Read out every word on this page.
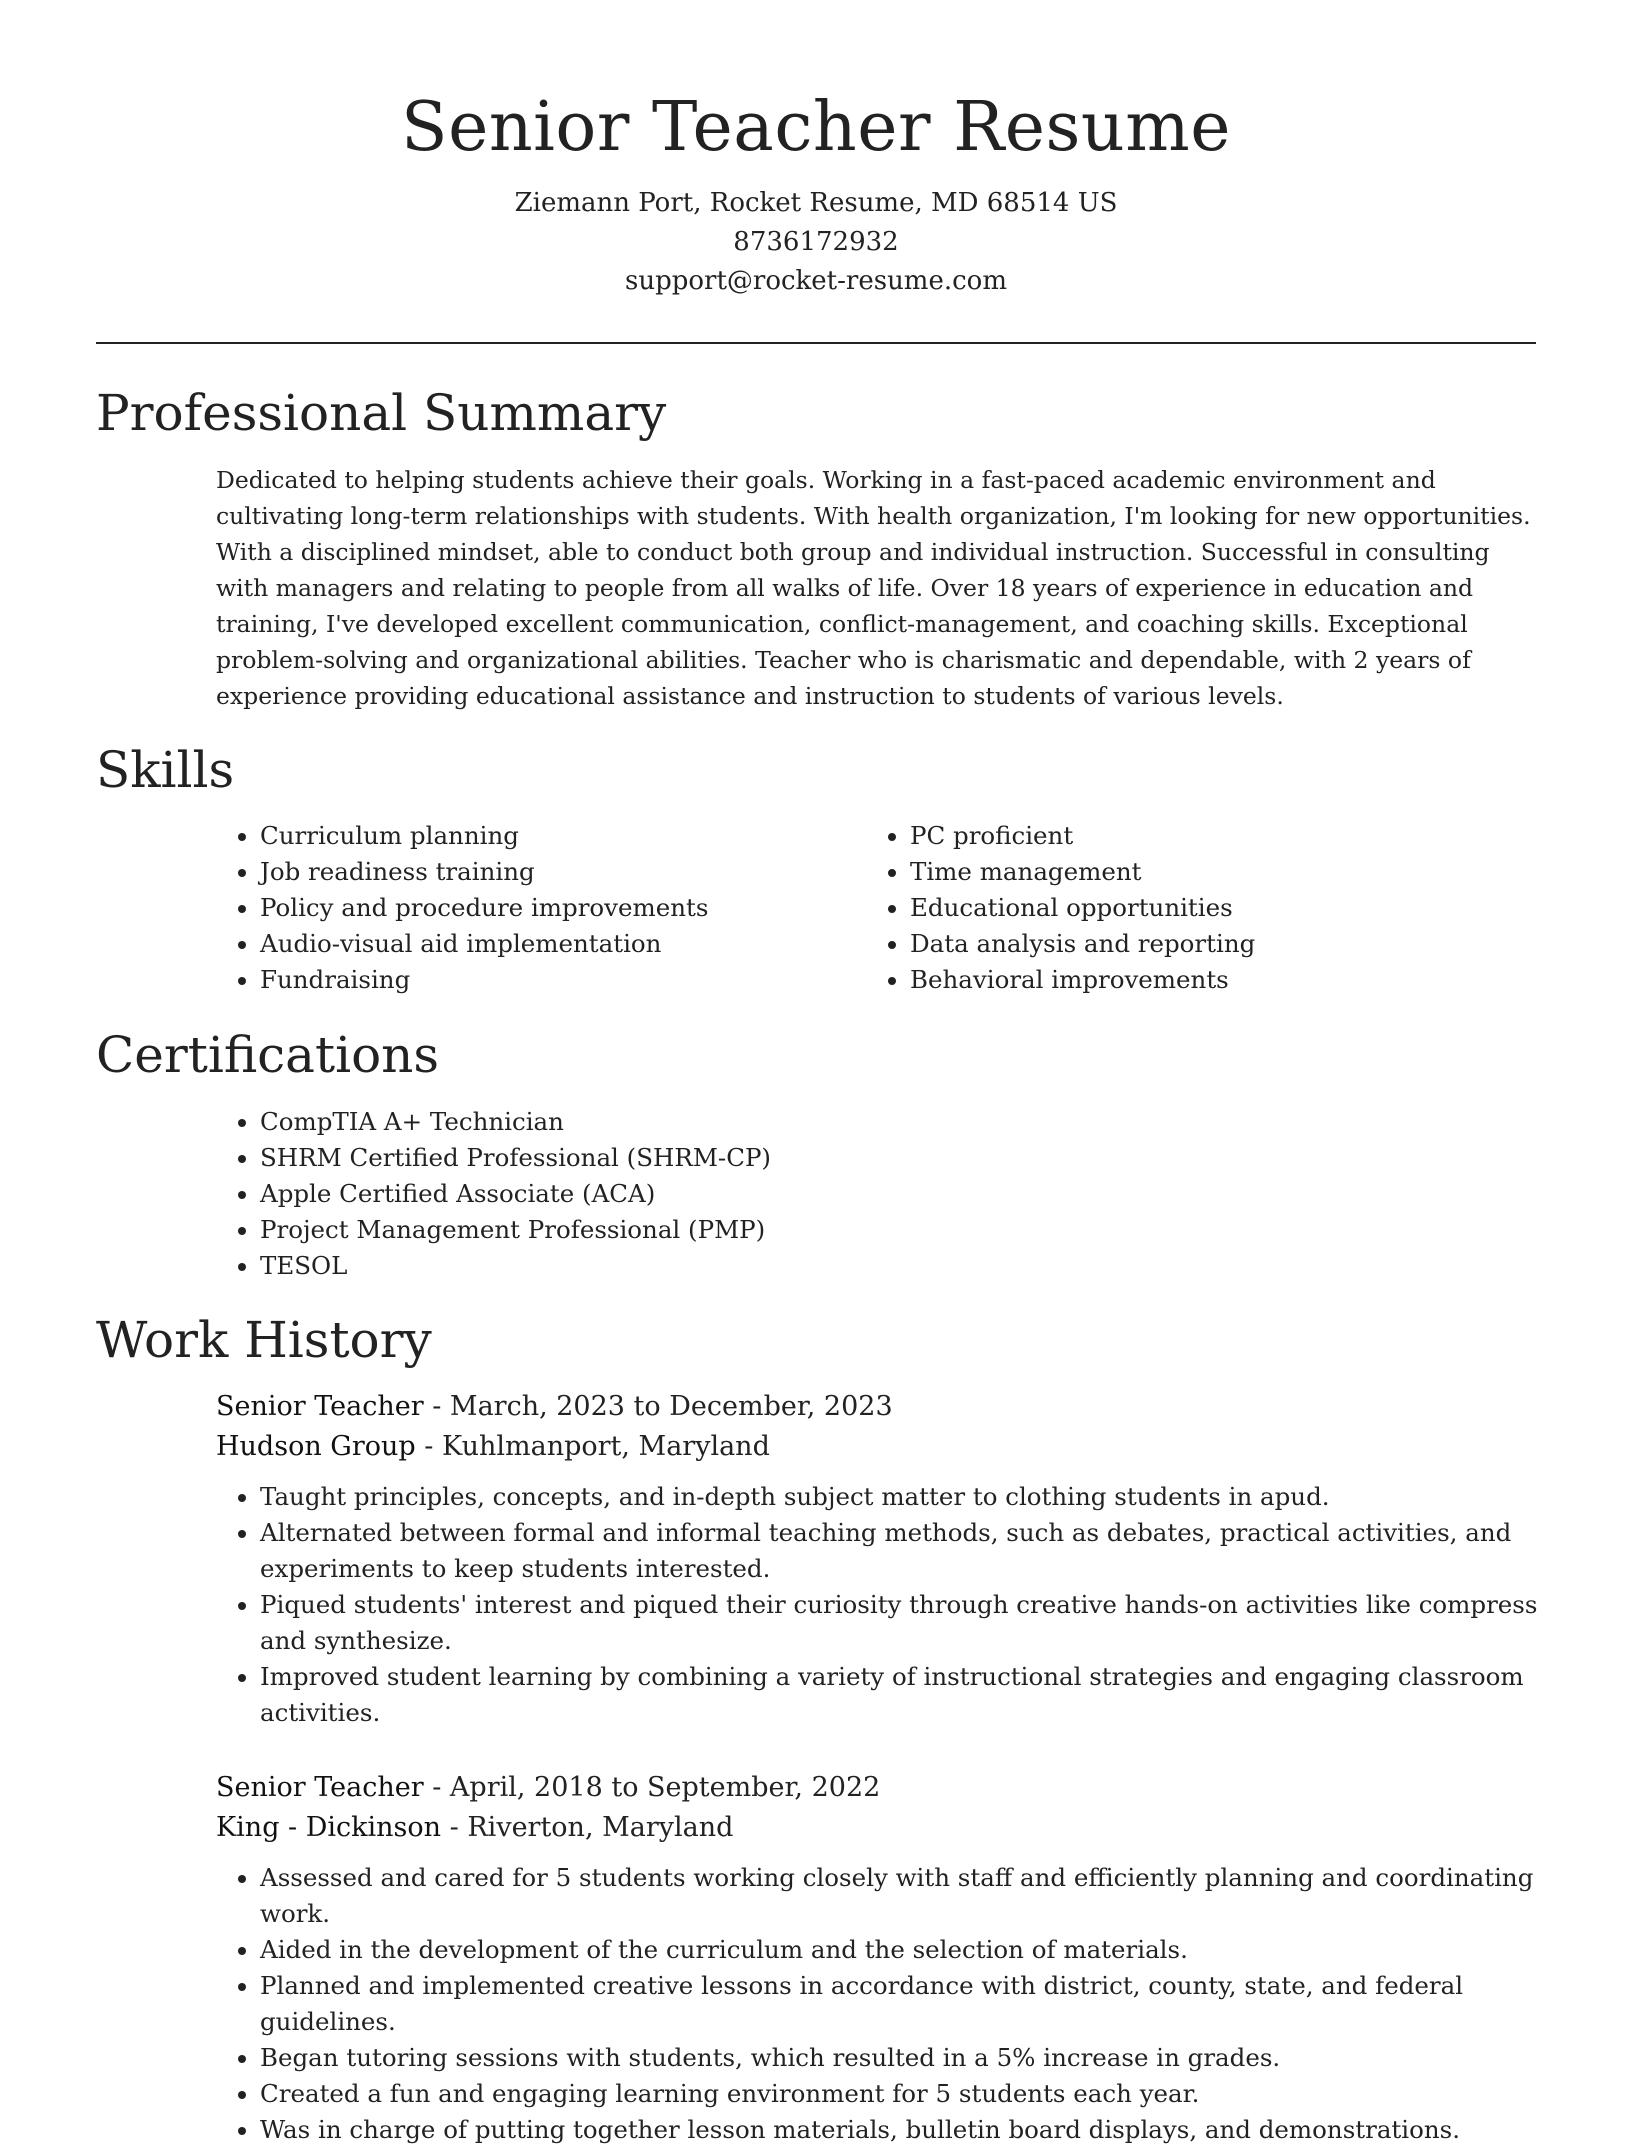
Senior Teacher Resume
Ziemann Port, Rocket Resume, MD 68514 US
8736172932
support@rocket-resume.com
Professional Summary
Dedicated to helping students achieve their goals. Working in a fast-paced academic environment and cultivating long-term relationships with students. With health organization, I'm looking for new opportunities. With a disciplined mindset, able to conduct both group and individual instruction. Successful in consulting with managers and relating to people from all walks of life. Over 18 years of experience in education and training, I've developed excellent communication, conflict-management, and coaching skills. Exceptional problem-solving and organizational abilities. Teacher who is charismatic and dependable, with 2 years of experience providing educational assistance and instruction to students of various levels.
Skills
• Curriculum planning
• Job readiness training
• Policy and procedure improvements
• Audio-visual aid implementation
• Fundraising
• PC proficient
• Time management
• Educational opportunities
• Data analysis and reporting
• Behavioral improvements
Certifications
• CompTIA A+ Technician
• SHRM Certified Professional (SHRM-CP)
• Apple Certified Associate (ACA)
• Project Management Professional (PMP)
• TESOL
Work History
Senior Teacher - March, 2023 to December, 2023
Hudson Group - Kuhlmanport, Maryland
• Taught principles, concepts, and in-depth subject matter to clothing students in apud.
• Alternated between formal and informal teaching methods, such as debates, practical activities, and experiments to keep students interested.
• Piqued students' interest and piqued their curiosity through creative hands-on activities like compress and synthesize.
• Improved student learning by combining a variety of instructional strategies and engaging classroom activities.
Senior Teacher - April, 2018 to September, 2022
King - Dickinson - Riverton, Maryland
• Assessed and cared for 5 students working closely with staff and efficiently planning and coordinating work.
• Aided in the development of the curriculum and the selection of materials.
• Planned and implemented creative lessons in accordance with district, county, state, and federal guidelines.
• Began tutoring sessions with students, which resulted in a 5% increase in grades.
• Created a fun and engaging learning environment for 5 students each year.
• Was in charge of putting together lesson materials, bulletin board displays, and demonstrations.
